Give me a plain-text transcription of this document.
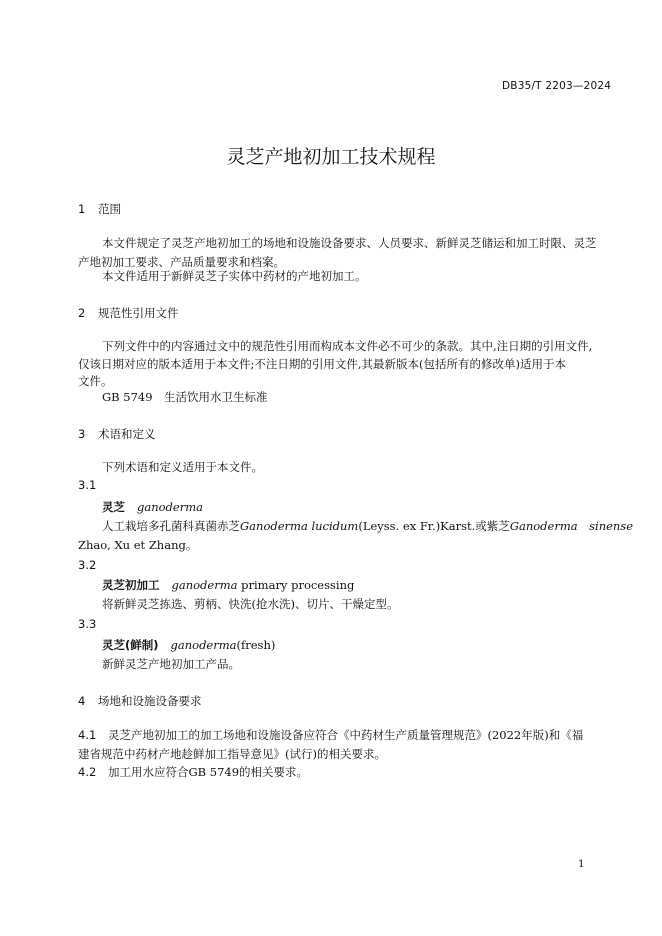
DB35/T 2203—2024
灵芝产地初加工技术规程
1 范围
本文件规定了灵芝产地初加工的场地和设施设备要求、人员要求、新鲜灵芝储运和加工时限、灵芝
产地初加工要求、产品质量要求和档案。
本文件适用于新鲜灵芝子实体中药材的产地初加工。
2 规范性引用文件
下列文件中的内容通过文中的规范性引用而构成本文件必不可少的条款。其中,注日期的引用文件,
仅该日期对应的版本适用于本文件;不注日期的引用文件,其最新版本(包括所有的修改单)适用于本
文件。
GB 5749　生活饮用水卫生标准
3 术语和定义
下列术语和定义适用于本文件。
3.1
灵芝 ganoderma
人工栽培多孔菌科真菌赤芝Ganoderma lucidum(Leyss. ex Fr.)Karst.或紫芝Ganoderma　sinense
Zhao, Xu et Zhang。
3.2
灵芝初加工 ganoderma primary processing
将新鲜灵芝拣选、剪柄、快洗(抢水洗)、切片、干燥定型。
3.3
灵芝(鲜制) ganoderma(fresh)
新鲜灵芝产地初加工产品。
4 场地和设施设备要求
4.1 灵芝产地初加工的加工场地和设施设备应符合《中药材生产质量管理规范》(2022年版)和《福
建省规范中药材产地趁鲜加工指导意见》(试行)的相关要求。
4.2 加工用水应符合GB 5749的相关要求。
1
